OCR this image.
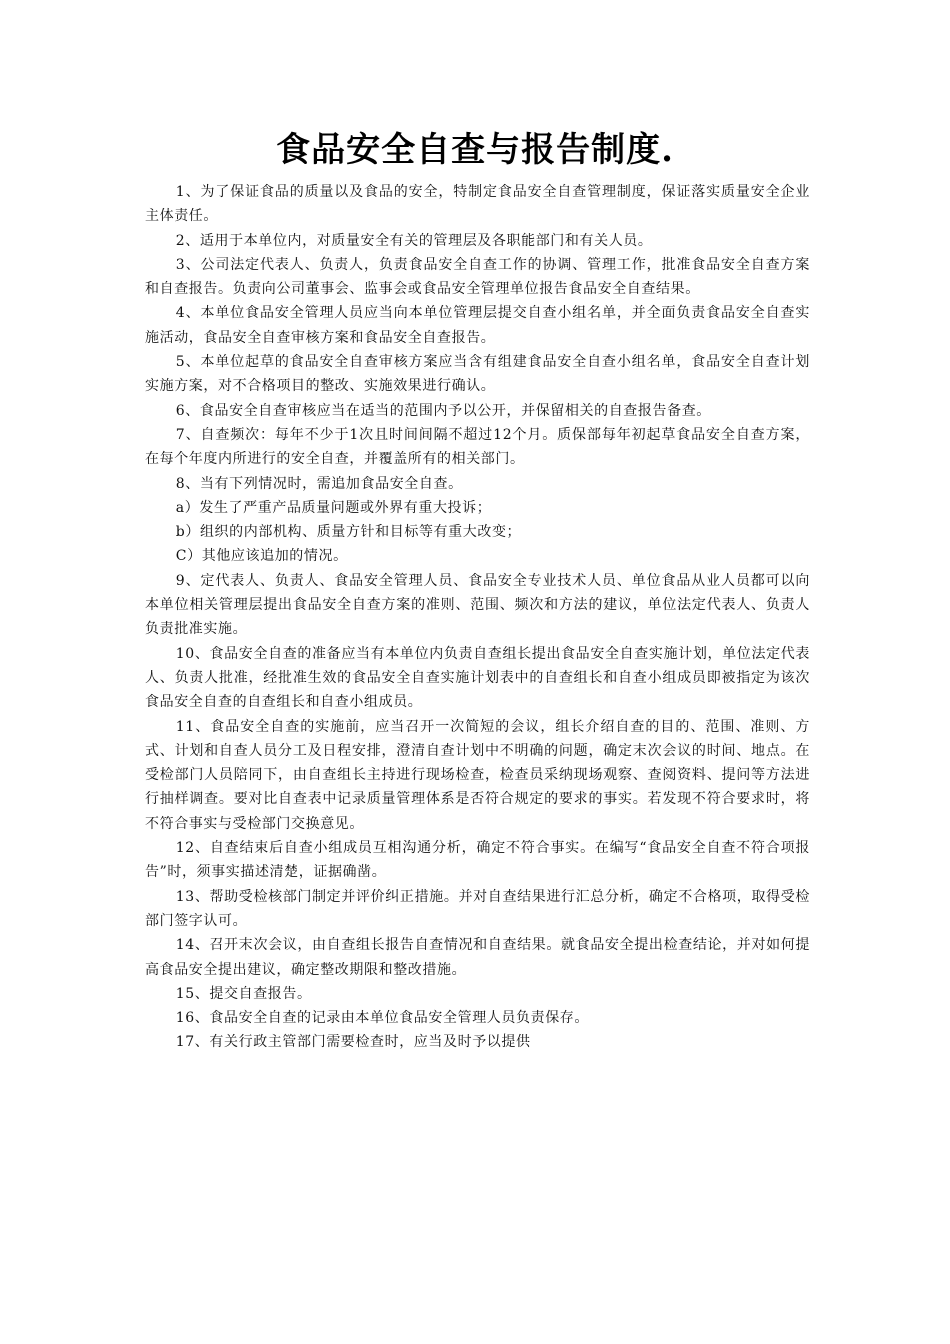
食品安全自查与报告制度.

1、为了保证食品的质量以及食品的安全，特制定食品安全自查管理制度，保证落实质量安全企业主体责任。

2、适用于本单位内，对质量安全有关的管理层及各职能部门和有关人员。

3、公司法定代表人、负责人，负责食品安全自查工作的协调、管理工作，批准食品安全自查方案和自查报告。负责向公司董事会、监事会或食品安全管理单位报告食品安全自查结果。

4、本单位食品安全管理人员应当向本单位管理层提交自查小组名单，并全面负责食品安全自查实施活动，食品安全自查审核方案和食品安全自查报告。

5、本单位起草的食品安全自查审核方案应当含有组建食品安全自查小组名单，食品安全自查计划实施方案，对不合格项目的整改、实施效果进行确认。

6、食品安全自查审核应当在适当的范围内予以公开，并保留相关的自查报告备查。

7、自查频次：每年不少于1次且时间间隔不超过12个月。质保部每年初起草食品安全自查方案，在每个年度内所进行的安全自查，并覆盖所有的相关部门。

8、当有下列情况时，需追加食品安全自查。

a）发生了严重产品质量问题或外界有重大投诉；

b）组织的内部机构、质量方针和目标等有重大改变；

C）其他应该追加的情况。

9、定代表人、负责人、食品安全管理人员、食品安全专业技术人员、单位食品从业人员都可以向本单位相关管理层提出食品安全自查方案的准则、范围、频次和方法的建议，单位法定代表人、负责人负责批准实施。

10、食品安全自查的准备应当有本单位内负责自查组长提出食品安全自查实施计划，单位法定代表人、负责人批准，经批准生效的食品安全自查实施计划表中的自查组长和自查小组成员即被指定为该次食品安全自查的自查组长和自查小组成员。

11、食品安全自查的实施前，应当召开一次简短的会议，组长介绍自查的目的、范围、准则、方式、计划和自查人员分工及日程安排，澄清自查计划中不明确的问题，确定末次会议的时间、地点。在受检部门人员陪同下，由自查组长主持进行现场检查，检查员采纳现场观察、查阅资料、提问等方法进行抽样调查。要对比自查表中记录质量管理体系是否符合规定的要求的事实。若发现不符合要求时，将不符合事实与受检部门交换意见。

12、自查结束后自查小组成员互相沟通分析，确定不符合事实。在编写“食品安全自查不符合项报告”时，须事实描述清楚，证据确凿。

13、帮助受检核部门制定并评价纠正措施。并对自查结果进行汇总分析，确定不合格项，取得受检部门签字认可。

14、召开末次会议，由自查组长报告自查情况和自查结果。就食品安全提出检查结论，并对如何提高食品安全提出建议，确定整改期限和整改措施。

15、提交自查报告。

16、食品安全自查的记录由本单位食品安全管理人员负责保存。

17、有关行政主管部门需要检查时，应当及时予以提供
